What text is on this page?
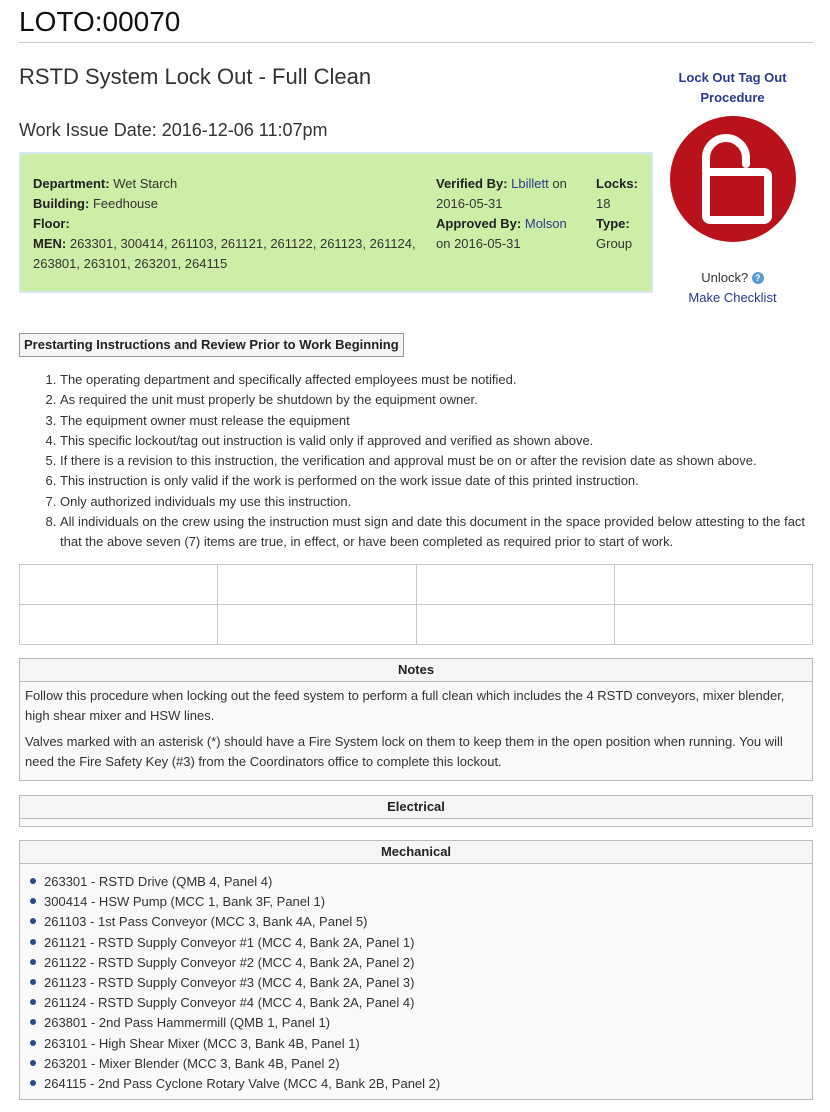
LOTO:00070
RSTD System Lock Out - Full Clean
Work Issue Date: 2016-12-06 11:07pm
Department: Wet Starch
Building: Feedhouse
Floor:
MEN: 263301, 300414, 261103, 261121, 261122, 261123, 261124, 263801, 263101, 263201, 264115
Verified By: Lbillett on 2016-05-31
Approved By: Molson on 2016-05-31
Locks:
18
Type:
Group
Lock Out Tag Out Procedure
Unlock? ?
Make Checklist
Prestarting Instructions and Review Prior to Work Beginning
1. The operating department and specifically affected employees must be notified.
2. As required the unit must properly be shutdown by the equipment owner.
3. The equipment owner must release the equipment
4. This specific lockout/tag out instruction is valid only if approved and verified as shown above.
5. If there is a revision to this instruction, the verification and approval must be on or after the revision date as shown above.
6. This instruction is only valid if the work is performed on the work issue date of this printed instruction.
7. Only authorized individuals my use this instruction.
8. All individuals on the crew using the instruction must sign and date this document in the space provided below attesting to the fact that the above seven (7) items are true, in effect, or have been completed as required prior to start of work.

Notes

Follow this procedure when locking out the feed system to perform a full clean which includes the 4 RSTD conveyors, mixer blender, high shear mixer and HSW lines.

Valves marked with an asterisk (*) should have a Fire System lock on them to keep them in the open position when running. You will need the Fire Safety Key (#3) from the Coordinators office to complete this lockout.

Electrical
Mechanical
263301 - RSTD Drive (QMB 4, Panel 4)
300414 - HSW Pump (MCC 1, Bank 3F, Panel 1)
261103 - 1st Pass Conveyor (MCC 3, Bank 4A, Panel 5)
261121 - RSTD Supply Conveyor #1 (MCC 4, Bank 2A, Panel 1)
261122 - RSTD Supply Conveyor #2 (MCC 4, Bank 2A, Panel 2)
261123 - RSTD Supply Conveyor #3 (MCC 4, Bank 2A, Panel 3)
261124 - RSTD Supply Conveyor #4 (MCC 4, Bank 2A, Panel 4)
263801 - 2nd Pass Hammermill (QMB 1, Panel 1)
263101 - High Shear Mixer (MCC 3, Bank 4B, Panel 1)
263201 - Mixer Blender (MCC 3, Bank 4B, Panel 2)
264115 - 2nd Pass Cyclone Rotary Valve (MCC 4, Bank 2B, Panel 2)
